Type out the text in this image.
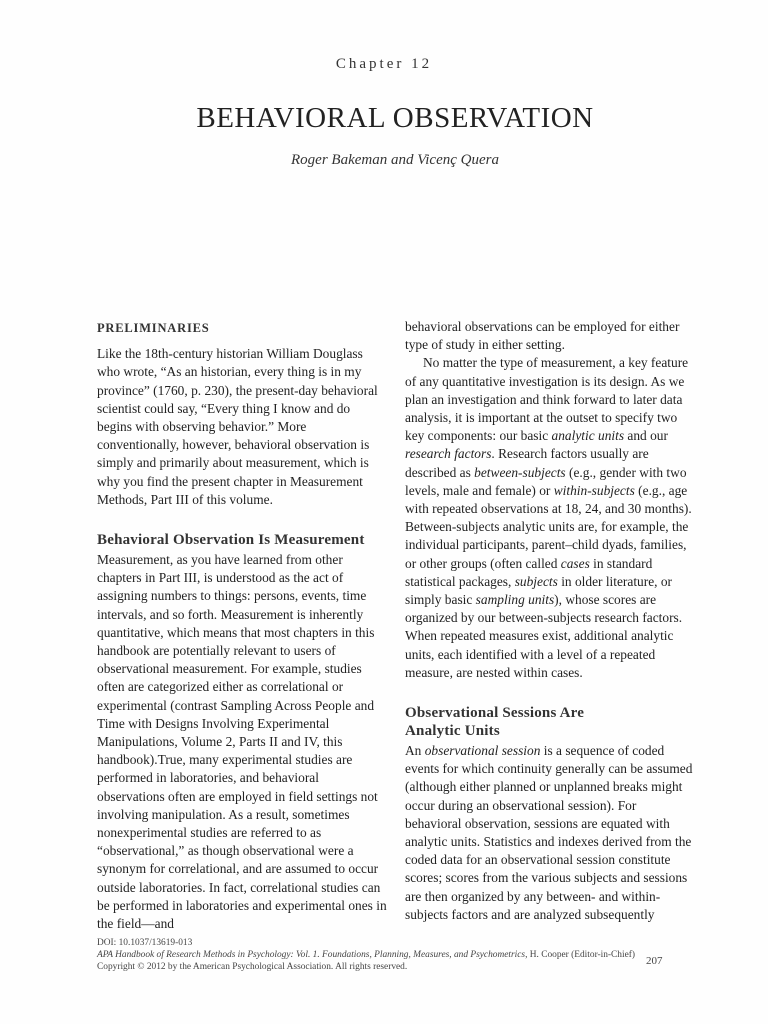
Chapter 12
BEHAVIORAL OBSERVATION
Roger Bakeman and Vicenç Quera
PRELIMINARIES

Like the 18th-century historian William Douglass who wrote, “As an historian, every thing is in my province” (1760, p. 230), the present-day behavioral scientist could say, “Every thing I know and do begins with observing behavior.” More conventionally, however, behavioral observation is simply and primarily about measurement, which is why you find the present chapter in Measurement Methods, Part III of this volume.

Behavioral Observation Is Measurement

Measurement, as you have learned from other chapters in Part III, is understood as the act of assigning numbers to things: persons, events, time intervals, and so forth. Measurement is inherently quantitative, which means that most chapters in this handbook are potentially relevant to users of observational measurement. For example, studies often are categorized either as correlational or experimental (contrast Sampling Across People and Time with Designs Involving Experimental Manipulations, Volume 2, Parts II and IV, this handbook).True, many experimental studies are performed in laboratories, and behavioral observations often are employed in field settings not involving manipulation. As a result, sometimes nonexperimental studies are referred to as “observational,” as though observational were a synonym for correlational, and are assumed to occur outside laboratories. In fact, correlational studies can be performed in laboratories and experimental ones in the field—and

behavioral observations can be employed for either type of study in either setting.

No matter the type of measurement, a key feature of any quantitative investigation is its design. As we plan an investigation and think forward to later data analysis, it is important at the outset to specify two key components: our basic analytic units and our research factors. Research factors usually are described as between-subjects (e.g., gender with two levels, male and female) or within-subjects (e.g., age with repeated observations at 18, 24, and 30 months). Between-subjects analytic units are, for example, the individual participants, parent–child dyads, families, or other groups (often called cases in standard statistical packages, subjects in older literature, or simply basic sampling units), whose scores are organized by our between-subjects research factors. When repeated measures exist, additional analytic units, each identified with a level of a repeated measure, are nested within cases.

Observational Sessions Are
Analytic Units

An observational session is a sequence of coded events for which continuity generally can be assumed (although either planned or unplanned breaks might occur during an observational session). For behavioral observation, sessions are equated with analytic units. Statistics and indexes derived from the coded data for an observational session constitute scores; scores from the various subjects and sessions are then organized by any between- and within-subjects factors and are analyzed subsequently

DOI: 10.1037/13619-013
APA Handbook of Research Methods in Psychology: Vol. 1. Foundations, Planning, Measures, and Psychometrics, H. Cooper (Editor-in-Chief)
Copyright © 2012 by the American Psychological Association. All rights reserved.	207
